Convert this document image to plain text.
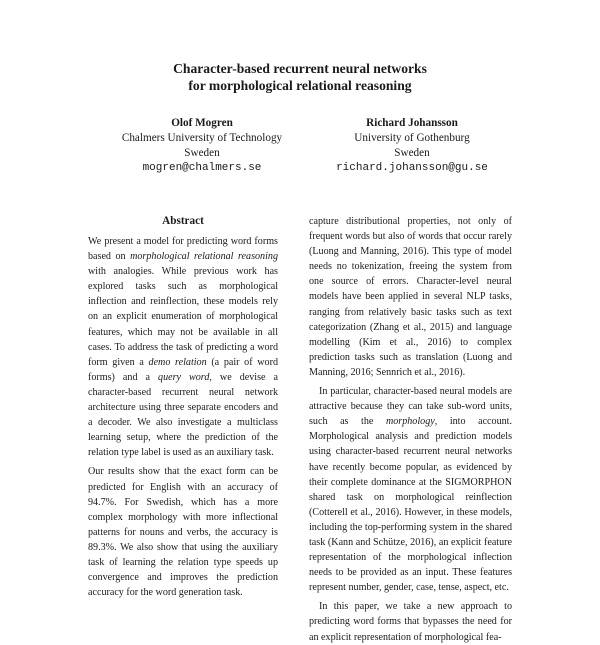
Character-based recurrent neural networks
for morphological relational reasoning
Olof Mogren
Chalmers University of Technology
Sweden
mogren@chalmers.se
Richard Johansson
University of Gothenburg
Sweden
richard.johansson@gu.se
Abstract

We present a model for predicting word forms based on morphological relational reasoning with analogies. While previous work has explored tasks such as morphological inflection and reinflection, these models rely on an explicit enumeration of morphological features, which may not be available in all cases. To address the task of predicting a word form given a demo relation (a pair of word forms) and a query word, we devise a character-based recurrent neural network architecture using three separate encoders and a decoder. We also investigate a multiclass learning setup, where the prediction of the relation type label is used as an auxiliary task.

Our results show that the exact form can be predicted for English with an accuracy of 94.7%. For Swedish, which has a more complex morphology with more inflectional patterns for nouns and verbs, the accuracy is 89.3%. We also show that using the auxiliary task of learning the relation type speeds up convergence and improves the prediction accuracy for the word generation task.

capture distributional properties, not only of frequent words but also of words that occur rarely (Luong and Manning, 2016). This type of model needs no tokenization, freeing the system from one source of errors. Character-level neural models have been applied in several NLP tasks, ranging from relatively basic tasks such as text categorization (Zhang et al., 2015) and language modelling (Kim et al., 2016) to complex prediction tasks such as translation (Luong and Manning, 2016; Sennrich et al., 2016).

In particular, character-based neural models are attractive because they can take sub-word units, such as the morphology, into account. Morphological analysis and prediction models using character-based recurrent neural networks have recently become popular, as evidenced by their complete dominance at the SIGMORPHON shared task on morphological reinflection (Cotterell et al., 2016). However, in these models, including the top-performing system in the shared task (Kann and Schütze, 2016), an explicit feature representation of the morphological inflection needs to be provided as an input. These features represent number, gender, case, tense, aspect, etc.

In this paper, we take a new approach to predicting word forms that bypasses the need for an explicit representation of morphological fea-
